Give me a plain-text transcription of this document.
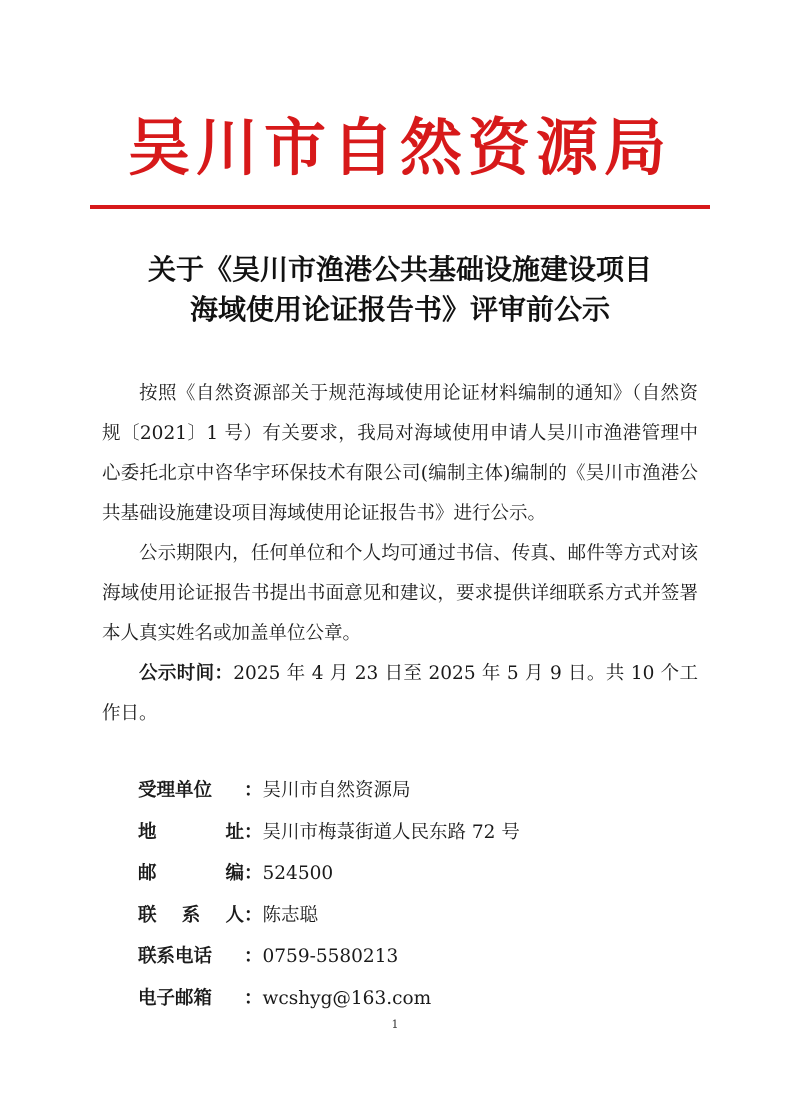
吴川市自然资源局
关于《吴川市渔港公共基础设施建设项目
海域使用论证报告书》评审前公示

按照《自然资源部关于规范海域使用论证材料编制的通知》（自然资规〔2021〕1 号）有关要求，我局对海域使用申请人吴川市渔港管理中心委托北京中咨华宇环保技术有限公司(编制主体)编制的《吴川市渔港公共基础设施建设项目海域使用论证报告书》进行公示。

公示期限内，任何单位和个人均可通过书信、传真、邮件等方式对该海域使用论证报告书提出书面意见和建议，要求提供详细联系方式并签署本人真实姓名或加盖单位公章。

公示时间：2025 年 4 月 23 日至 2025 年 5 月 9 日。共 10 个工作日。

受理单位	： 吴川市自然资源局
地址 ： 吴川市梅菉街道人民东路 72 号
邮编 ： 524500
联系人 ： 陈志聪
联系电话	： 0759-5580213
电子邮箱	： wcshyg@163.com
1
